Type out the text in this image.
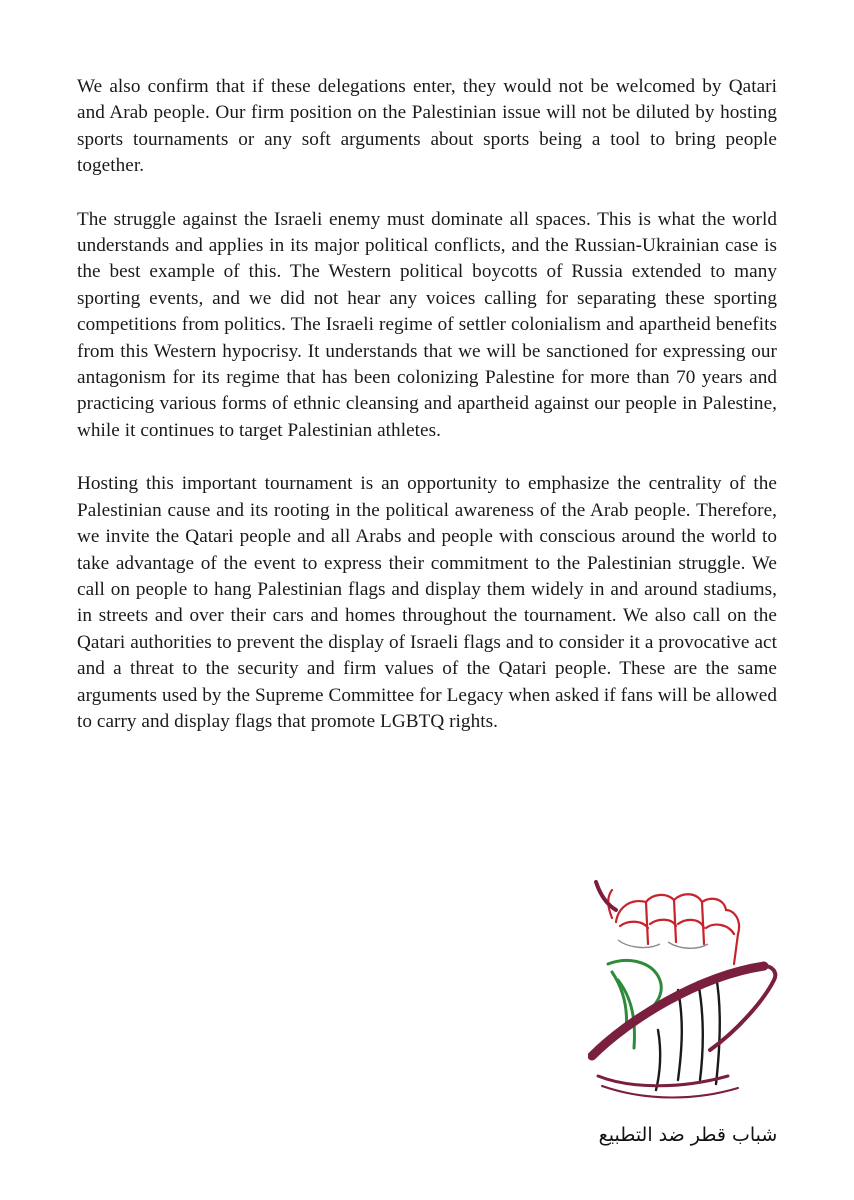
We also confirm that if these delegations enter, they would not be welcomed by Qatari and Arab people. Our firm position on the Palestinian issue will not be diluted by hosting sports tournaments or any soft arguments about sports being a tool to bring people together.

The struggle against the Israeli enemy must dominate all spaces. This is what the world understands and applies in its major political conflicts, and the Russian-Ukrainian case is the best example of this. The Western political boycotts of Russia extended to many sporting events, and we did not hear any voices calling for separating these sporting competitions from politics. The Israeli regime of settler colonialism and apartheid benefits from this Western hypocrisy. It understands that we will be sanctioned for expressing our antagonism for its regime that has been colonizing Palestine for more than 70 years and practicing various forms of ethnic cleansing and apartheid against our people in Palestine, while it continues to target Palestinian athletes.

Hosting this important tournament is an opportunity to emphasize the centrality of the Palestinian cause and its rooting in the political awareness of the Arab people. Therefore, we invite the Qatari people and all Arabs and people with conscious around the world to take advantage of the event to express their commitment to the Palestinian struggle. We call on people to hang Palestinian flags and display them widely in and around stadiums, in streets and over their cars and homes throughout the tournament. We also call on the Qatari authorities to prevent the display of Israeli flags and to consider it a provocative act and a threat to the security and firm values of the Qatari people. These are the same arguments used by the Supreme Committee for Legacy when asked if fans will be allowed to carry and display flags that promote LGBTQ rights.

شباب قطر ضد التطبيع
